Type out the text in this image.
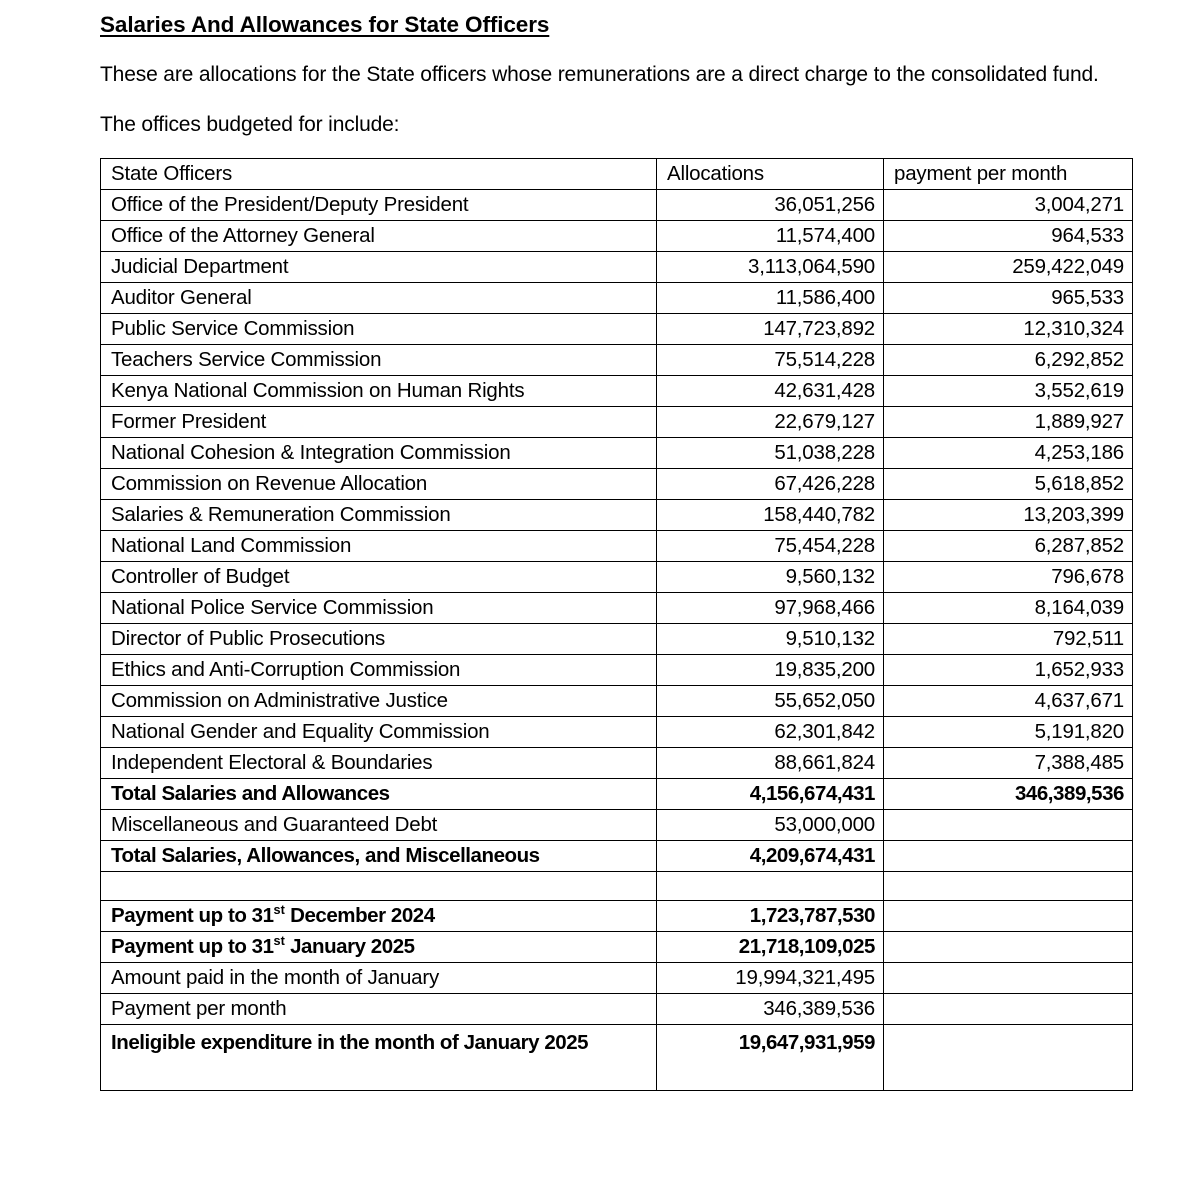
Salaries And Allowances for State Officers

These are allocations for the State officers whose remunerations are a direct charge to the consolidated fund.

The offices budgeted for include:

State Officers	Allocations	payment per month
Office of the President/Deputy President	36,051,256	3,004,271
Office of the Attorney General	11,574,400	964,533
Judicial Department	3,113,064,590	259,422,049
Auditor General	11,586,400	965,533
Public Service Commission	147,723,892	12,310,324
Teachers Service Commission	75,514,228	6,292,852
Kenya National Commission on Human Rights	42,631,428	3,552,619
Former President	22,679,127	1,889,927
National Cohesion & Integration Commission	51,038,228	4,253,186
Commission on Revenue Allocation	67,426,228	5,618,852
Salaries & Remuneration Commission	158,440,782	13,203,399
National Land Commission	75,454,228	6,287,852
Controller of Budget	9,560,132	796,678
National Police Service Commission	97,968,466	8,164,039
Director of Public Prosecutions	9,510,132	792,511
Ethics and Anti-Corruption Commission	19,835,200	1,652,933
Commission on Administrative Justice	55,652,050	4,637,671
National Gender and Equality Commission	62,301,842	5,191,820
Independent Electoral & Boundaries	88,661,824	7,388,485
Total Salaries and Allowances	4,156,674,431	346,389,536
Miscellaneous and Guaranteed Debt	53,000,000	
Total Salaries, Allowances, and Miscellaneous	4,209,674,431	

Payment up to 31st December 2024	1,723,787,530	
Payment up to 31st January 2025	21,718,109,025	
Amount paid in the month of January	19,994,321,495	
Payment per month	346,389,536	
Ineligible expenditure in the month of January 2025	19,647,931,959	
